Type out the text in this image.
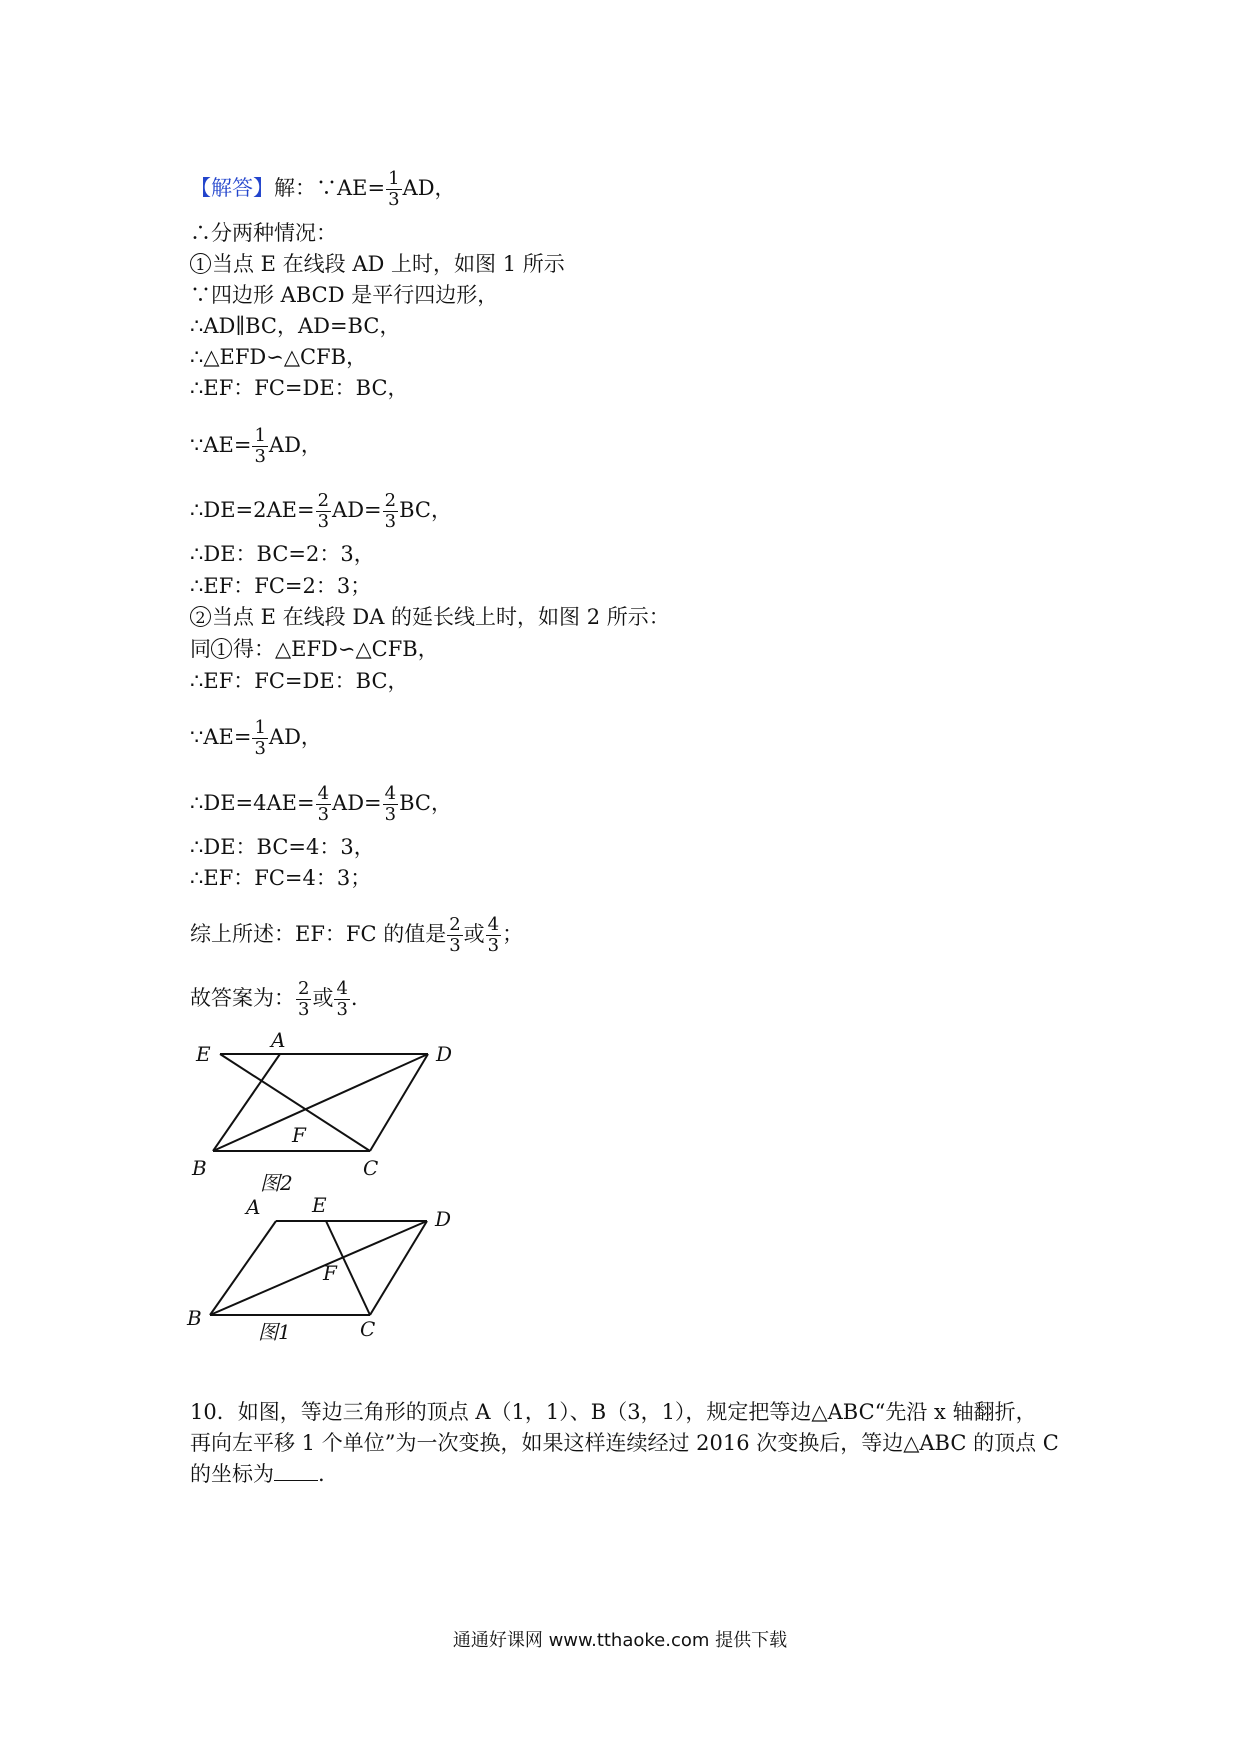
【解答】解：∵AE= $\frac{1}{3}$ AD，
∴分两种情况：
1 当点 E 在线段 AD 上时，如图 1 所示
∵四边形 ABCD 是平行四边形，
∴AD∥BC，AD=BC，
∴△EFD∽△CFB，
∴EF：FC=DE：BC，
∵AE= $\frac{1}{3}$ AD，
∴DE=2AE= $\frac{2}{3} AD= \frac{2}{3}$ BC，
∴DE：BC=2：3，
∴EF：FC=2：3；
2 当点 E 在线段 DA 的延长线上时，如图 2 所示：
同 1 得：△EFD∽△CFB，
∴EF：FC=DE：BC，
∵AE= $\frac{1}{3}$ AD，
∴DE=4AE= $\frac{4}{3} AD= \frac{4}{3}$ BC，
∴DE：BC=4：3，
∴EF：FC=4：3；
综上所述：EF：FC 的值是 $\frac{2}{3}$ 或 $\frac{4}{3}$ ；
故答案为： $\frac{2}{3}$ 或 $\frac{4}{3}$ .
E
A
D
F
B	C
图2
A	E
D
F
B	C
图1
10．如图，等边三角形的顶点 A（1，1）、B（3，1），规定把等边△ABC“先沿 x 轴翻折，
再向左平移 1 个单位”为一次变换，如果这样连续经过 2016 次变换后，等边△ABC 的顶点 C
的坐标为 .
通通好课网 www.tthaoke.com 提供下载
